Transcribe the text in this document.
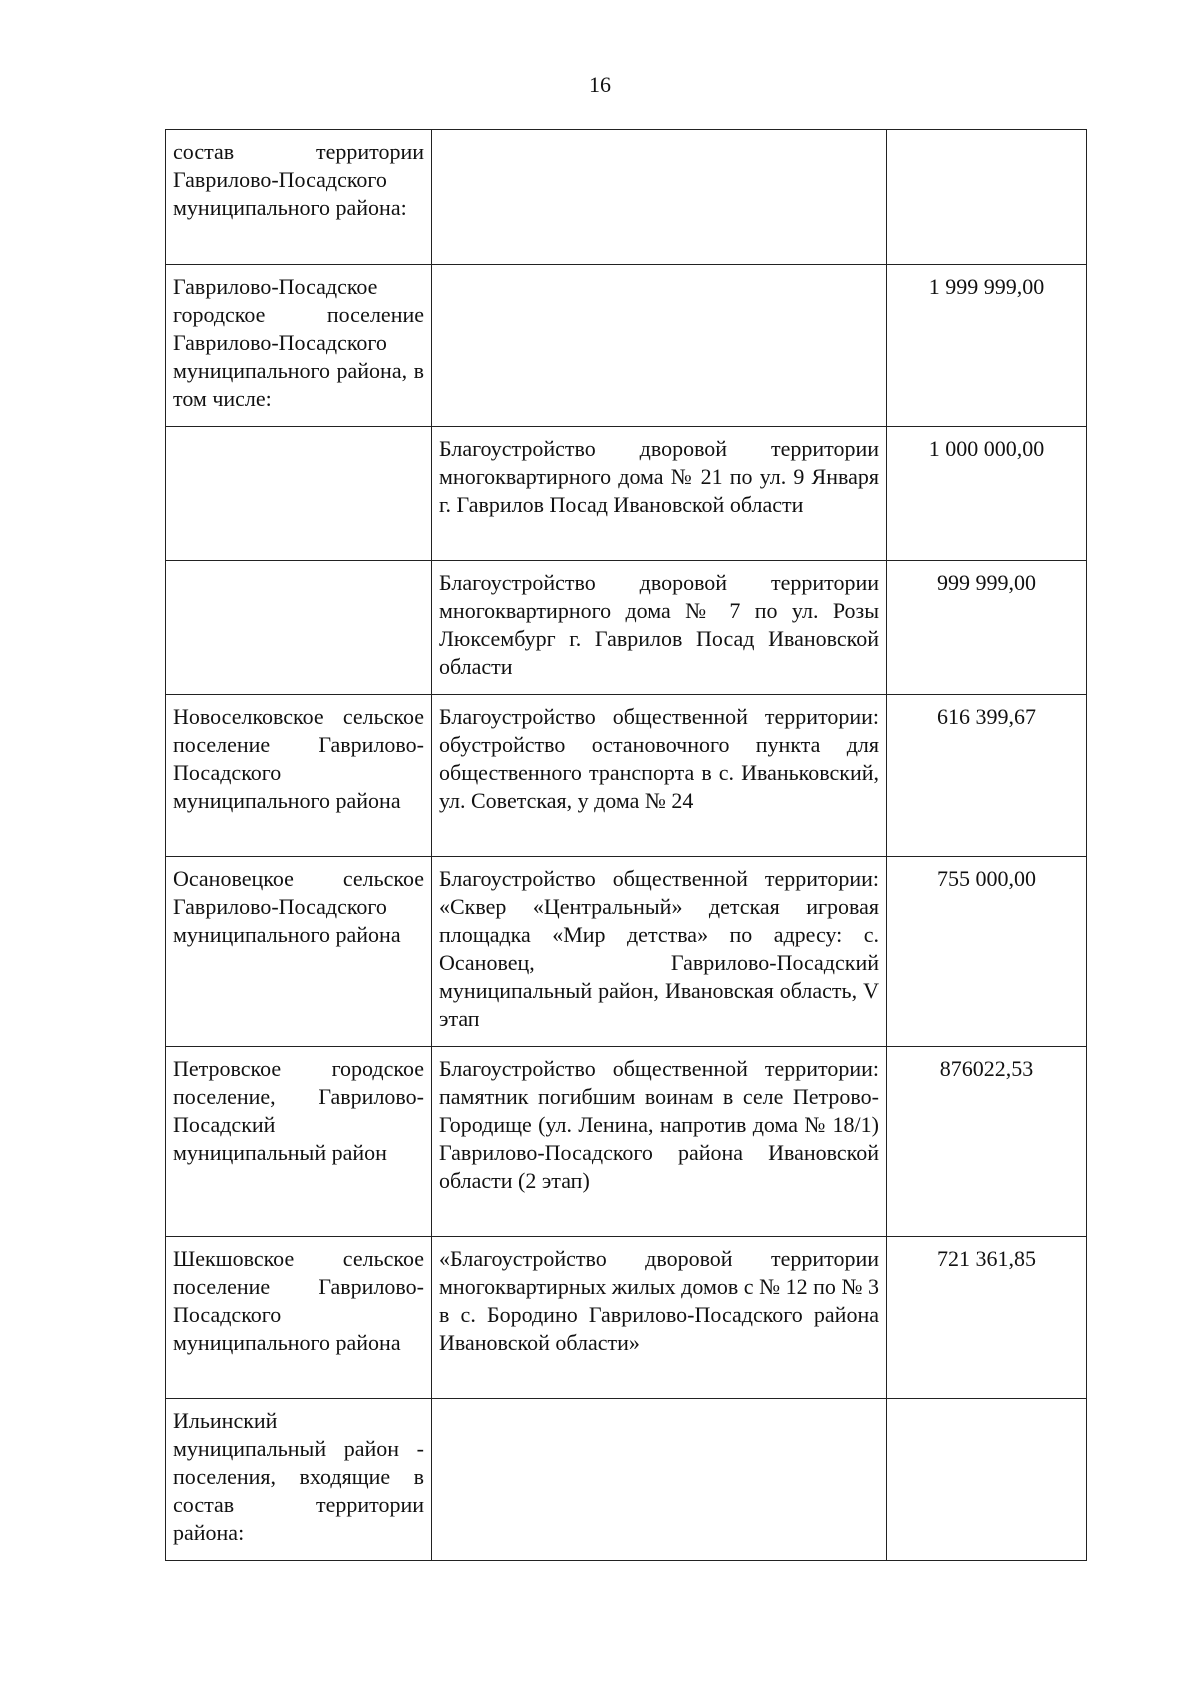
16
состав территории Гаврилово-Посадского муниципального района:		

Гаврилово-Посадское городское поселение Гаврилово-Посадского муниципального района, в том числе:		1 999 999,00

	Благоустройство дворовой территории многоквартирного дома № 21 по ул. 9 Января г. Гаврилов Посад Ивановской области	1 000 000,00

	Благоустройство дворовой территории многоквартирного дома № 7 по ул. Розы Люксембург г. Гаврилов Посад Ивановской области	999 999,00

Новоселковское сельское поселение Гаврилово-Посадского муниципального района	Благоустройство общественной территории: обустройство остановочного пункта для общественного транспорта в с. Иваньковский, ул. Советская, у дома № 24	616 399,67

Осановецкое сельское Гаврилово-Посадского муниципального района	Благоустройство общественной территории: «Сквер «Центральный» детская игровая площадка «Мир детства» по адресу: с. Осановец, Гаврилово-Посадский муниципальный район, Ивановская область, V этап	755 000,00

Петровское городское поселение, Гаврилово-Посадский муниципальный район	Благоустройство общественной территории: памятник погибшим воинам в селе Петрово-Городище (ул. Ленина, напротив дома № 18/1) Гаврилово-Посадского района Ивановской области (2 этап)	876022,53

Шекшовское сельское поселение Гаврилово-Посадского муниципального района	«Благоустройство дворовой территории многоквартирных жилых домов с № 12 по № 3 в с. Бородино Гаврилово-Посадского района Ивановской области»	721 361,85

Ильинский муниципальный район - поселения, входящие в состав территории района:		
